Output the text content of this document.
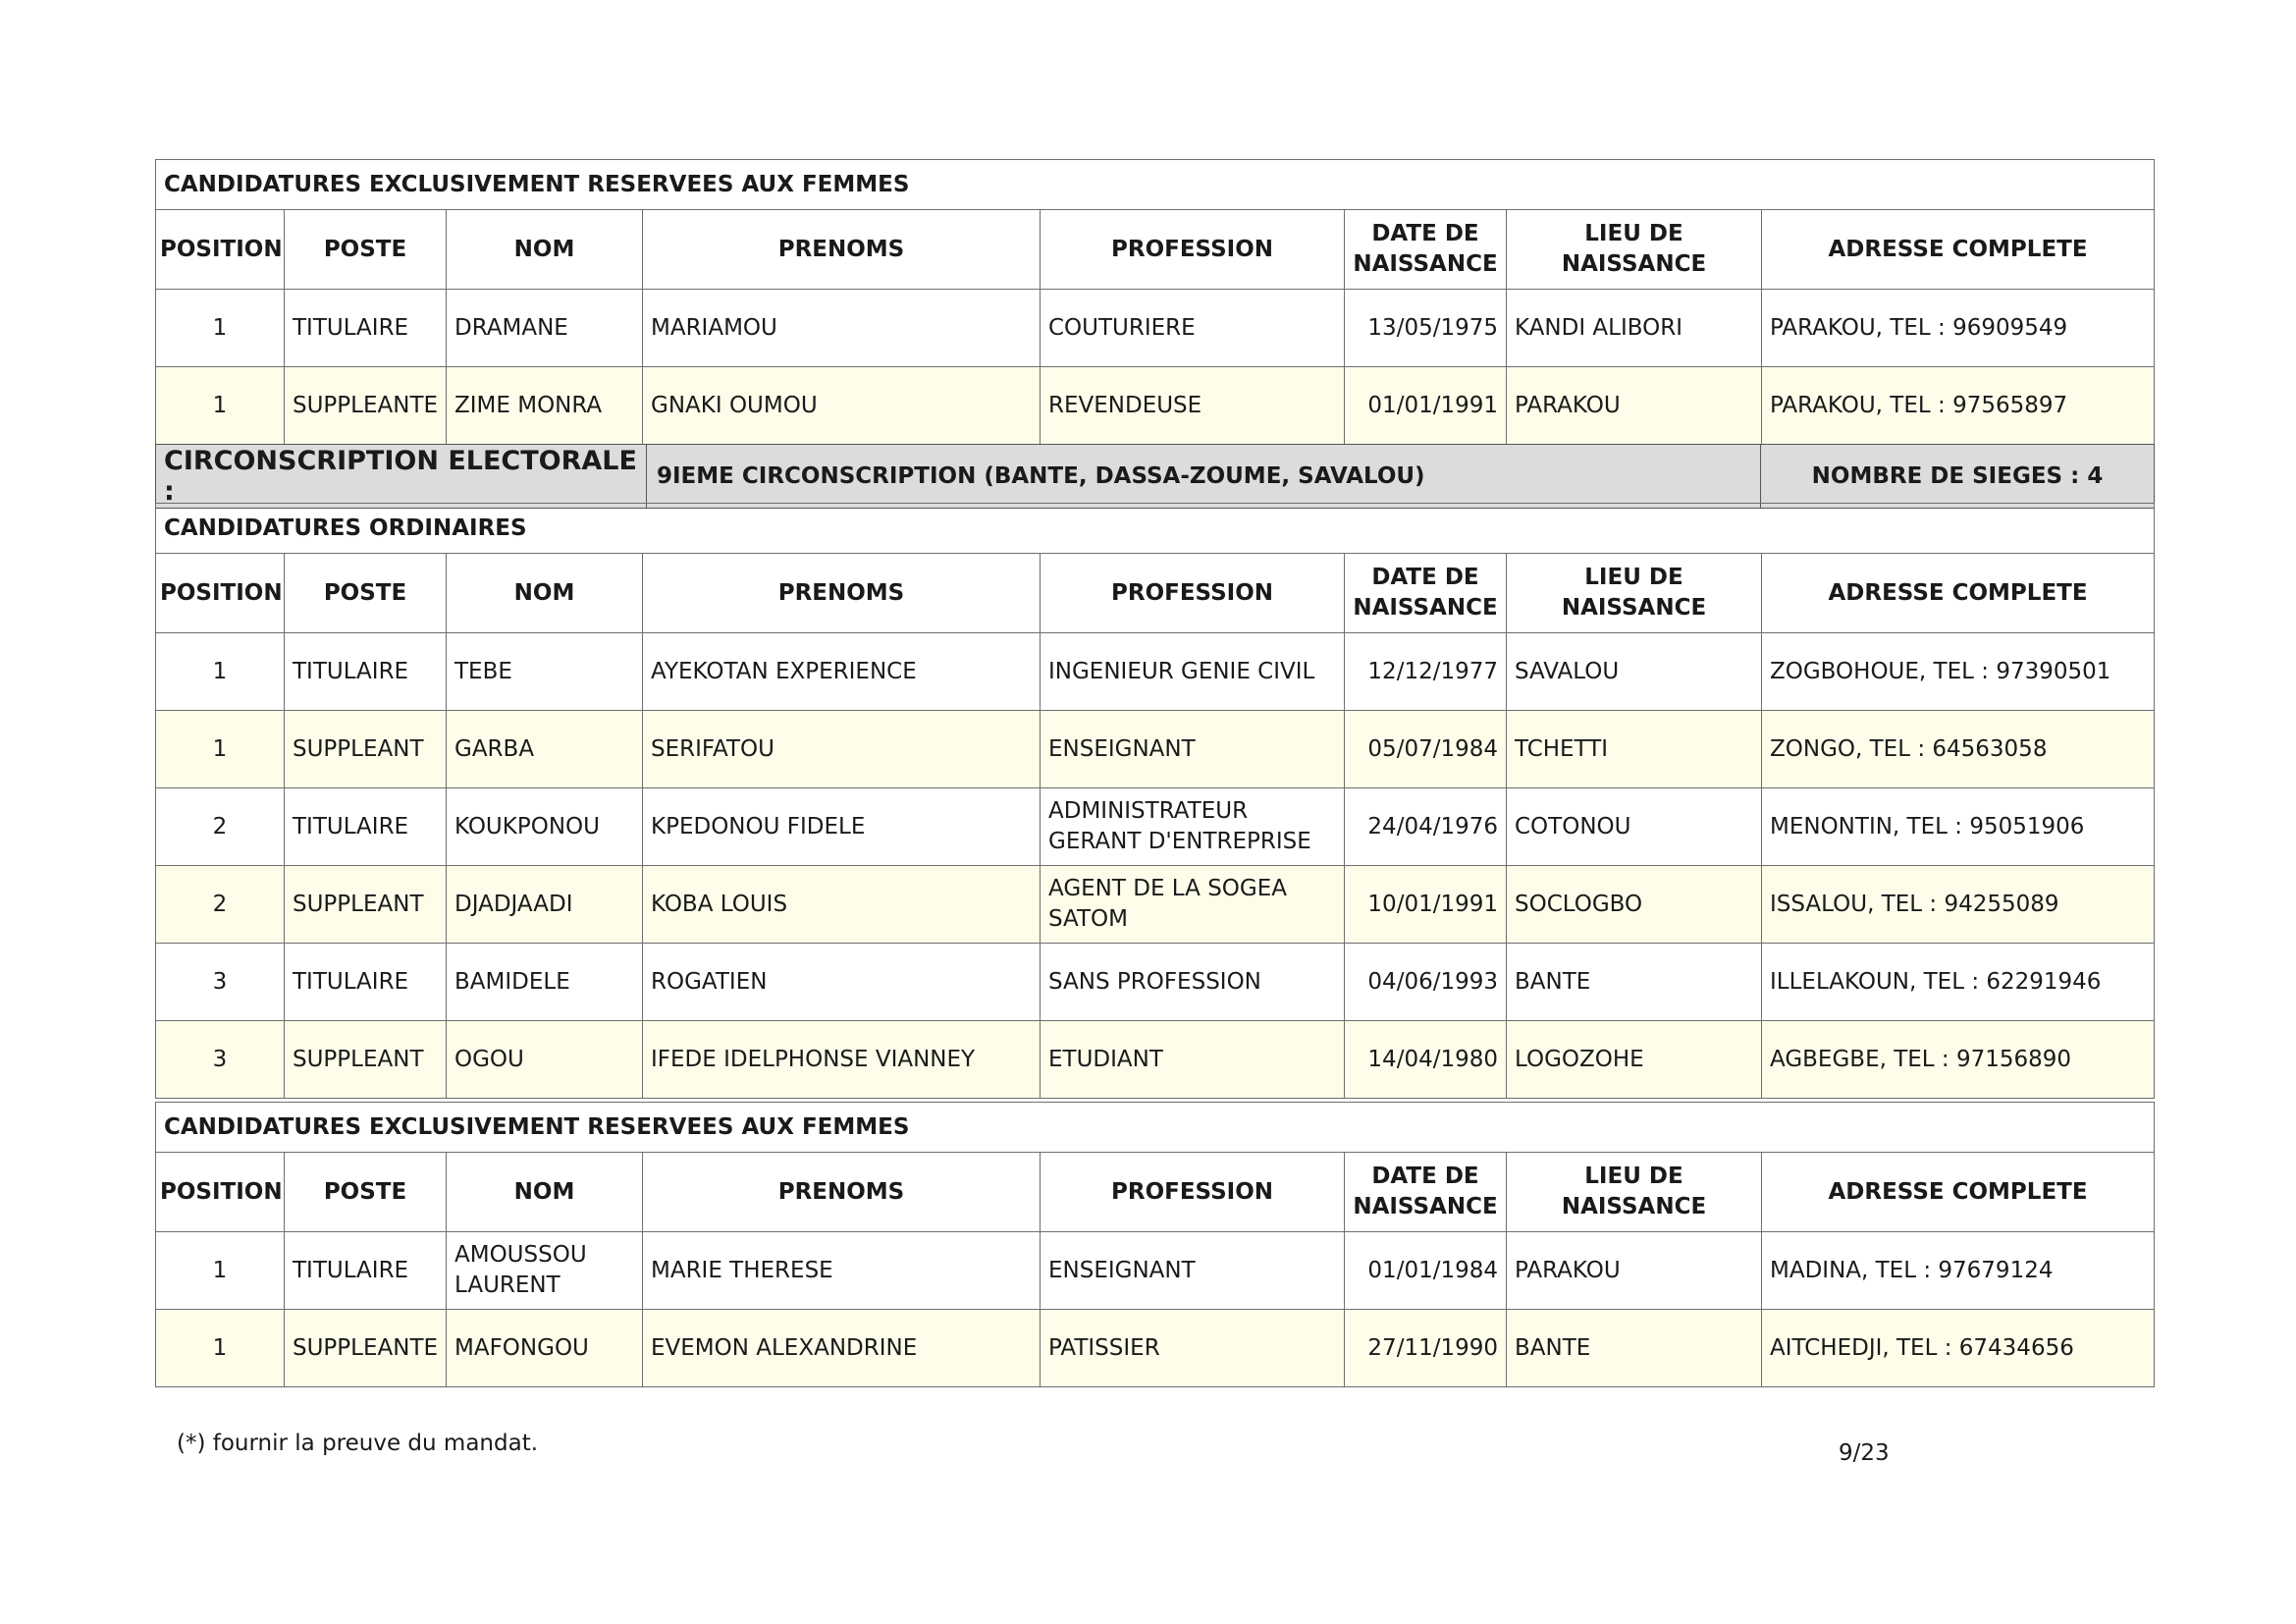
CANDIDATURES EXCLUSIVEMENT RESERVEES AUX FEMMES							
POSITION	POSTE	NOM	PRENOMS	PROFESSION	DATE DE NAISSANCE	LIEU DE NAISSANCE	ADRESSE COMPLETE
1	TITULAIRE	DRAMANE	MARIAMOU	COUTURIERE	13/05/1975	KANDI ALIBORI	PARAKOU, TEL : 96909549
1	SUPPLEANTE	ZIME MONRA	GNAKI OUMOU	REVENDEUSE	01/01/1991	PARAKOU	PARAKOU, TEL : 97565897
CIRCONSCRIPTION ELECTORALE :	9IEME CIRCONSCRIPTION (BANTE, DASSA-ZOUME, SAVALOU)	NOMBRE DE SIEGES : 4
CANDIDATURES ORDINAIRES							
POSITION	POSTE	NOM	PRENOMS	PROFESSION	DATE DE NAISSANCE	LIEU DE NAISSANCE	ADRESSE COMPLETE
1	TITULAIRE	TEBE	AYEKOTAN EXPERIENCE	INGENIEUR GENIE CIVIL	12/12/1977	SAVALOU	ZOGBOHOUE, TEL : 97390501
1	SUPPLEANT	GARBA	SERIFATOU	ENSEIGNANT	05/07/1984	TCHETTI	ZONGO, TEL : 64563058
2	TITULAIRE	KOUKPONOU	KPEDONOU FIDELE	ADMINISTRATEUR GERANT D'ENTREPRISE	24/04/1976	COTONOU	MENONTIN, TEL : 95051906
2	SUPPLEANT	DJADJAADI	KOBA LOUIS	AGENT DE LA SOGEA SATOM	10/01/1991	SOCLOGBO	ISSALOU, TEL : 94255089
3	TITULAIRE	BAMIDELE	ROGATIEN	SANS PROFESSION	04/06/1993	BANTE	ILLELAKOUN, TEL : 62291946
3	SUPPLEANT	OGOU	IFEDE IDELPHONSE VIANNEY	ETUDIANT	14/04/1980	LOGOZOHE	AGBEGBE, TEL : 97156890
CANDIDATURES EXCLUSIVEMENT RESERVEES AUX FEMMES							
POSITION	POSTE	NOM	PRENOMS	PROFESSION	DATE DE NAISSANCE	LIEU DE NAISSANCE	ADRESSE COMPLETE
1	TITULAIRE	AMOUSSOU LAURENT	MARIE THERESE	ENSEIGNANT	01/01/1984	PARAKOU	MADINA, TEL : 97679124
1	SUPPLEANTE	MAFONGOU	EVEMON ALEXANDRINE	PATISSIER	27/11/1990	BANTE	AITCHEDJI, TEL : 67434656
(*) fournir la preuve du mandat.	9/23
